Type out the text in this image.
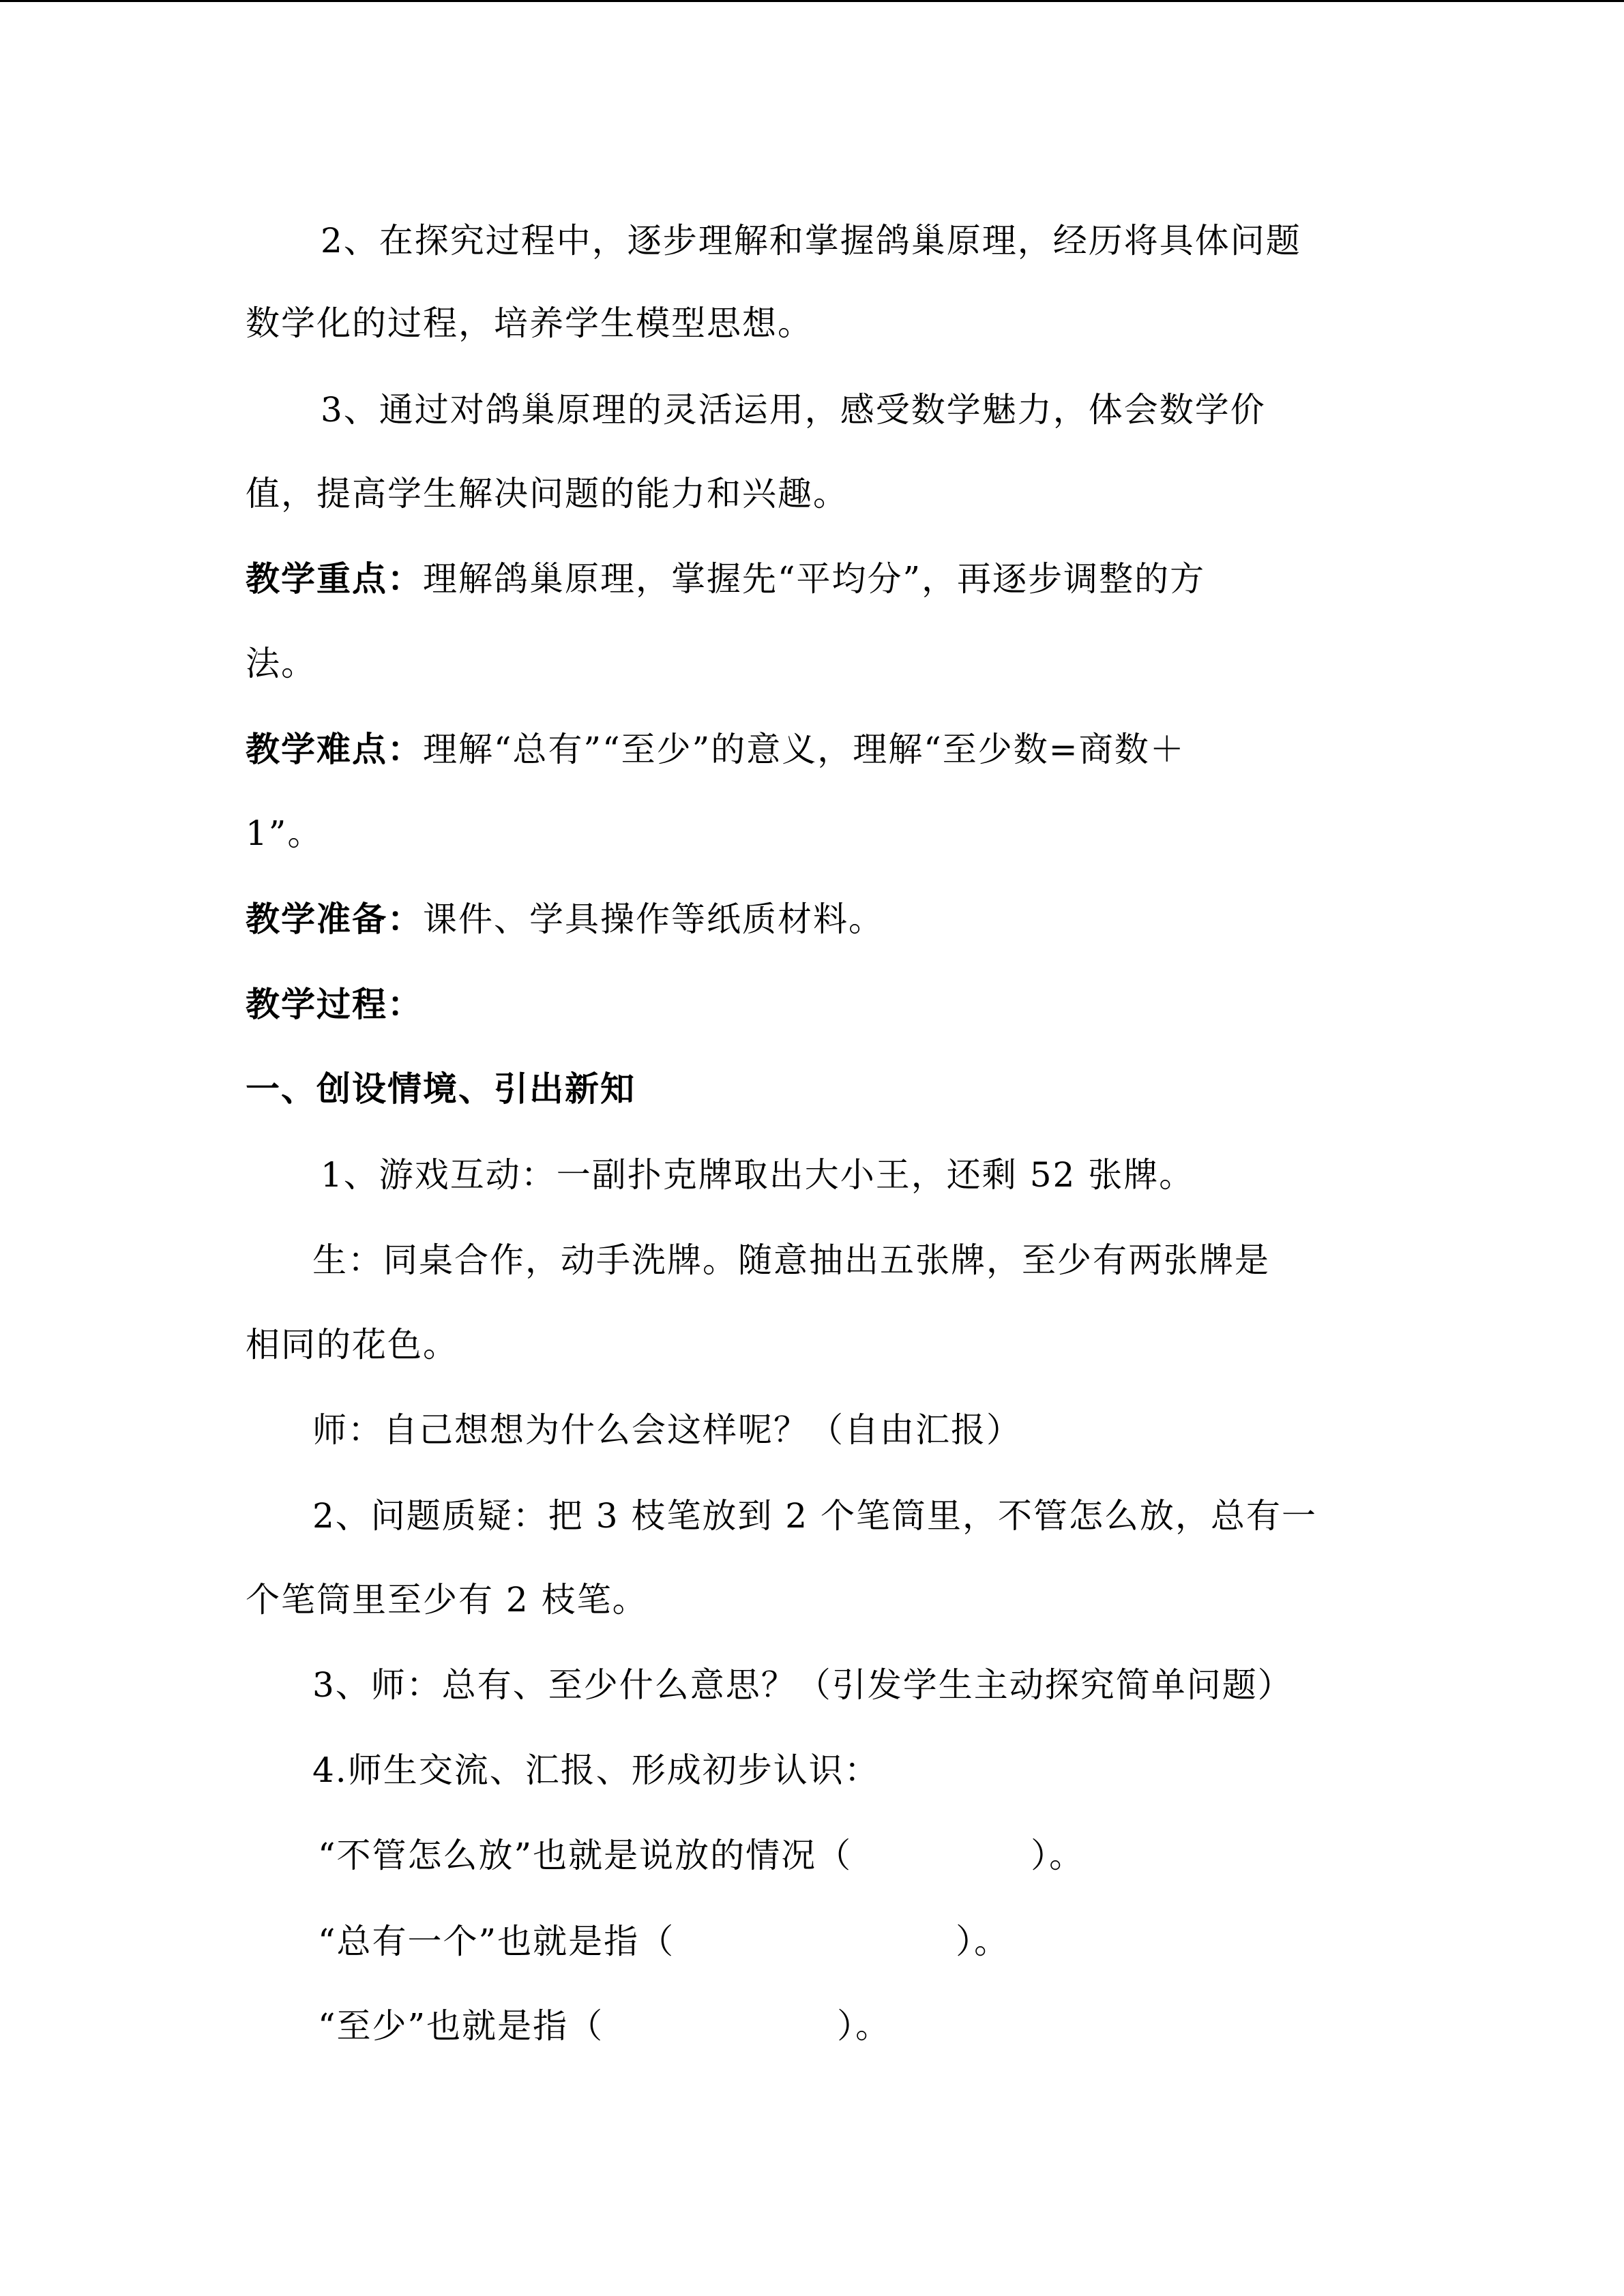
2、在探究过程中，逐步理解和掌握鸽巢原理，经历将具体问题
数学化的过程，培养学生模型思想。
3、通过对鸽巢原理的灵活运用，感受数学魅力，体会数学价
值，提高学生解决问题的能力和兴趣。
教学重点：理解鸽巢原理，掌握先“平均分”，再逐步调整的方
法。
教学难点：理解“总有”“至少”的意义，理解“至少数=商数＋
1”。
教学准备：课件、学具操作等纸质材料。
教学过程：
一、创设情境、引出新知
1、游戏互动：一副扑克牌取出大小王，还剩 52 张牌。
生：同桌合作，动手洗牌。随意抽出五张牌，至少有两张牌是
相同的花色。
师：自己想想为什么会这样呢？（自由汇报）
2、问题质疑：把 3 枝笔放到 2 个笔筒里，不管怎么放，总有一
个笔筒里至少有 2 枝笔。
3、师：总有、至少什么意思？（引发学生主动探究简单问题）
4.师生交流、汇报、形成初步认识：
“不管怎么放”也就是说放的情况（	）。
“总有一个”也就是指（	）。
“至少”也就是指（	）。
